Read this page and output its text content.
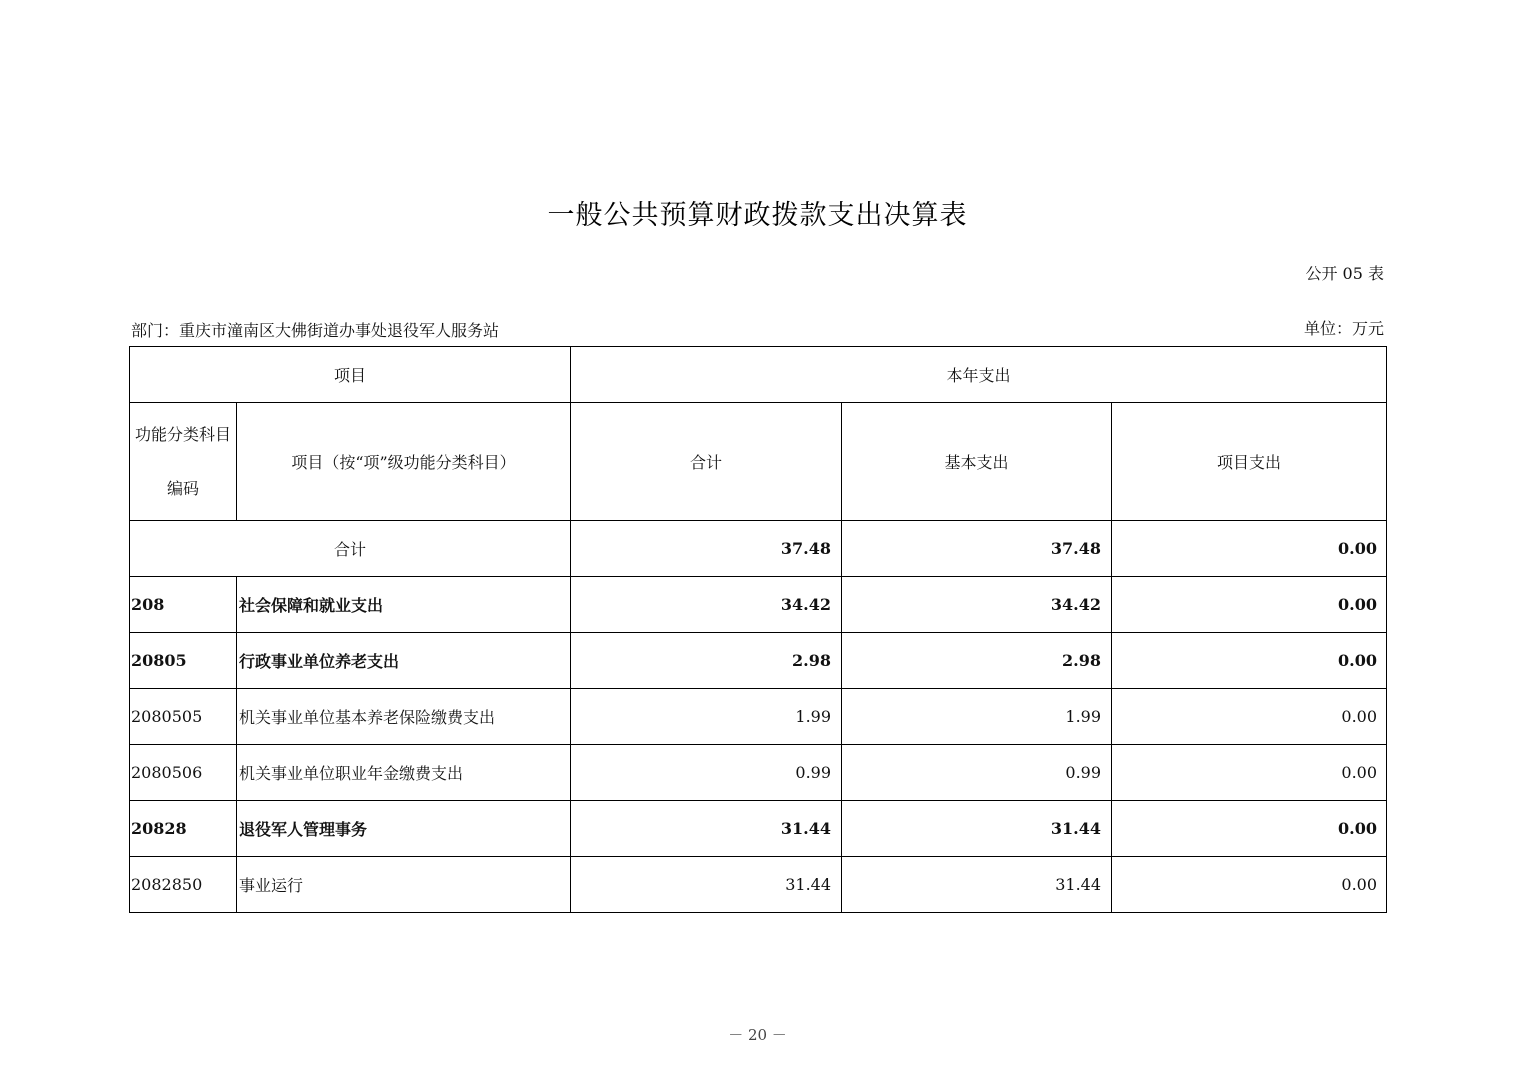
一般公共预算财政拨款支出决算表
公开 05 表
部门：重庆市潼南区大佛街道办事处退役军人服务站	单位：万元
项目		本年支出		

功能分类科目编码	项目（按“项”级功能分类科目）	合计	基本支出	项目支出
合计		37.48	37.48	0.00
208	社会保障和就业支出	34.42	34.42	0.00
20805	行政事业单位养老支出	2.98	2.98	0.00
2080505	机关事业单位基本养老保险缴费支出	1.99	1.99	0.00
2080506	机关事业单位职业年金缴费支出	0.99	0.99	0.00
20828	退役军人管理事务	31.44	31.44	0.00
2082850	事业运行	31.44	31.44	0.00
－ 20 －
